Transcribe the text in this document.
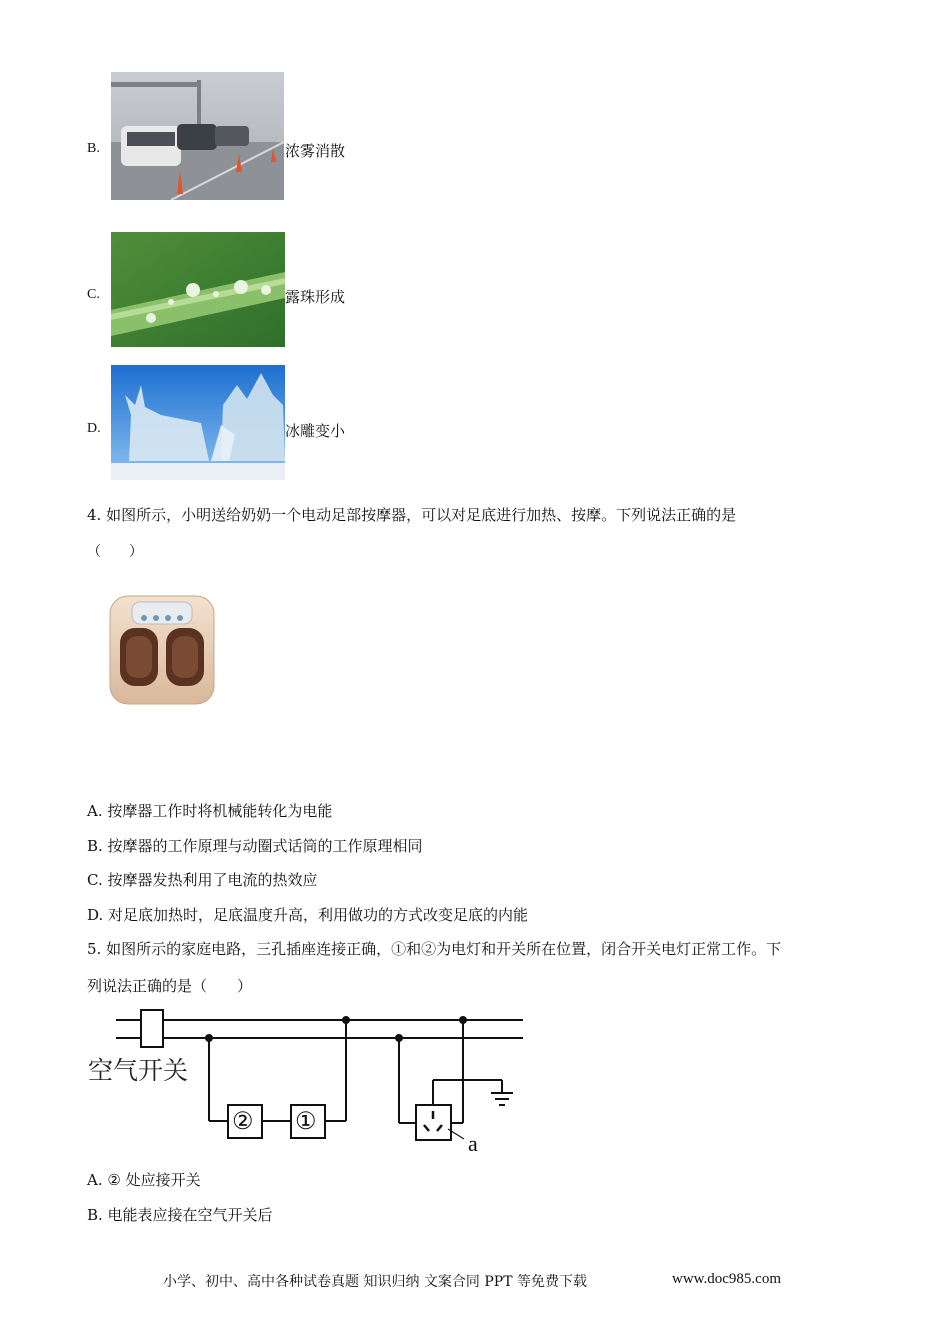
B.	浓雾消散
C.	露珠形成
D.	冰雕变小
4. 如图所示，小明送给奶奶一个电动足部按摩器，可以对足底进行加热、按摩。下列说法正确的是
（　　）
A. 按摩器工作时将机械能转化为电能
B. 按摩器的工作原理与动圈式话筒的工作原理相同
C. 按摩器发热利用了电流的热效应
D. 对足底加热时，足底温度升高，利用做功的方式改变足底的内能
5. 如图所示的家庭电路，三孔插座连接正确，①和②为电灯和开关所在位置，闭合开关电灯正常工作。下
列说法正确的是（　　）
空气开关
② ①
a
A. ② 处应接开关
B. 电能表应接在空气开关后
小学、初中、高中各种试卷真题 知识归纳 文案合同 PPT 等免费下载	www.doc985.com
